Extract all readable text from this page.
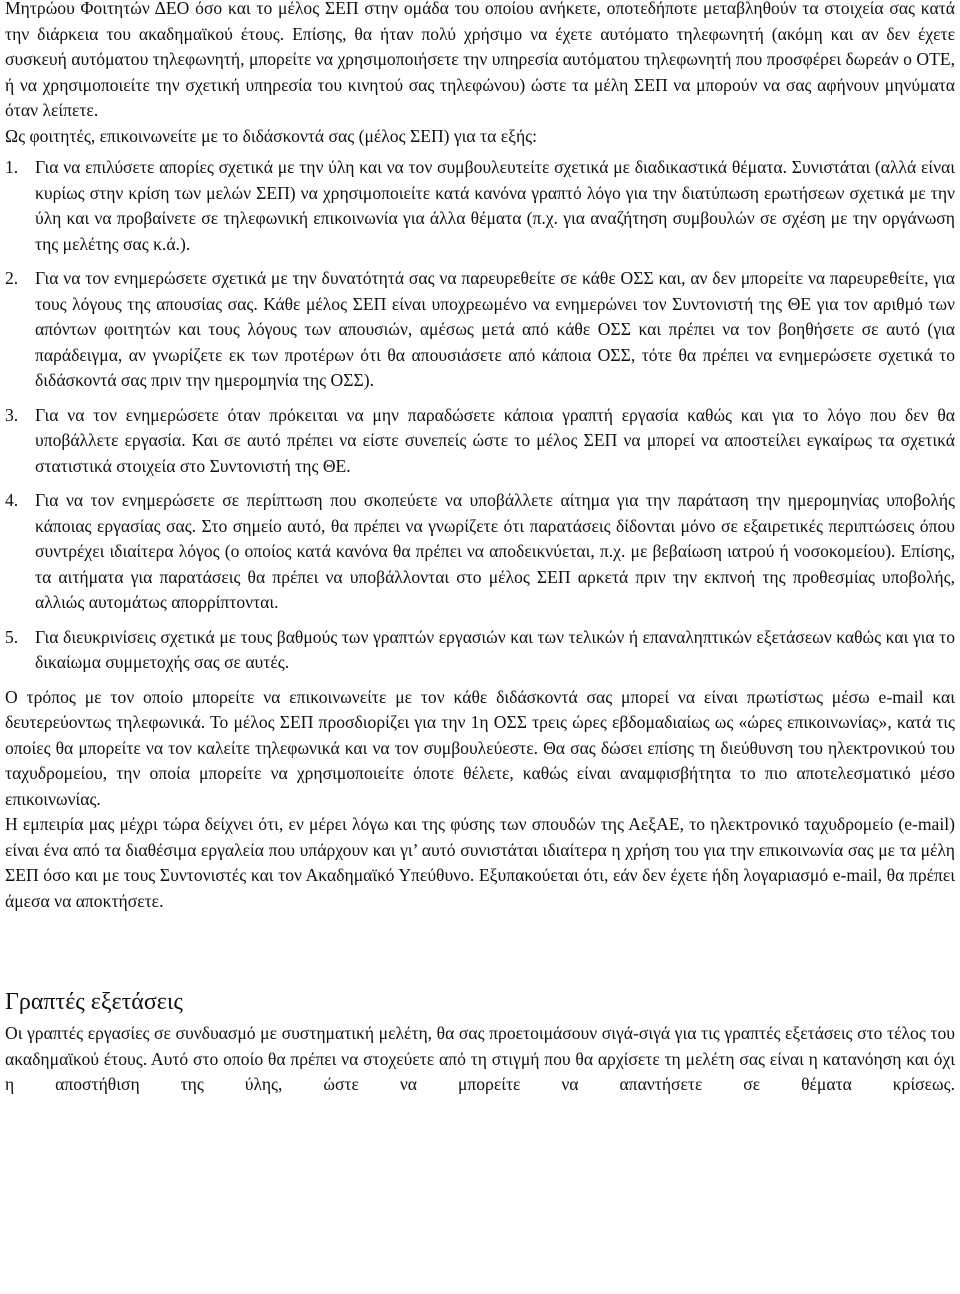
Μητρώου Φοιτητών ΔΕΟ όσο και το μέλος ΣΕΠ στην ομάδα του οποίου ανήκετε, οποτεδήποτε μεταβληθούν τα στοιχεία σας κατά την διάρκεια του ακαδημαϊκού έτους. Επίσης, θα ήταν πολύ χρήσιμο να έχετε αυτόματο τηλεφωνητή (ακόμη και αν δεν έχετε συσκευή αυτόματου τηλεφωνητή, μπορείτε να χρησιμοποιήσετε την υπηρεσία αυτόματου τηλεφωνητή που προσφέρει δωρεάν ο ΟΤΕ, ή να χρησιμοποιείτε την σχετική υπηρεσία του κινητού σας τηλεφώνου) ώστε τα μέλη ΣΕΠ να μπορούν να σας αφήνουν μηνύματα όταν λείπετε.

Ως φοιτητές, επικοινωνείτε με το διδάσκοντά σας (μέλος ΣΕΠ) για τα εξής:

1. Για να επιλύσετε απορίες σχετικά με την ύλη και να τον συμβουλευτείτε σχετικά με διαδικαστικά θέματα. Συνιστάται (αλλά είναι κυρίως στην κρίση των μελών ΣΕΠ) να χρησιμοποιείτε κατά κανόνα γραπτό λόγο για την διατύπωση ερωτήσεων σχετικά με την ύλη και να προβαίνετε σε τηλεφωνική επικοινωνία για άλλα θέματα (π.χ. για αναζήτηση συμβουλών σε σχέση με την οργάνωση της μελέτης σας κ.ά.).
2. Για να τον ενημερώσετε σχετικά με την δυνατότητά σας να παρευρεθείτε σε κάθε ΟΣΣ και, αν δεν μπορείτε να παρευρεθείτε, για τους λόγους της απουσίας σας. Κάθε μέλος ΣΕΠ είναι υποχρεωμένο να ενημερώνει τον Συντονιστή της ΘΕ για τον αριθμό των απόντων φοιτητών και τους λόγους των απουσιών, αμέσως μετά από κάθε ΟΣΣ και πρέπει να τον βοηθήσετε σε αυτό (για παράδειγμα, αν γνωρίζετε εκ των προτέρων ότι θα απουσιάσετε από κάποια ΟΣΣ, τότε θα πρέπει να ενημερώσετε σχετικά το διδάσκοντά σας πριν την ημερομηνία της ΟΣΣ).
3. Για να τον ενημερώσετε όταν πρόκειται να μην παραδώσετε κάποια γραπτή εργασία καθώς και για το λόγο που δεν θα υποβάλλετε εργασία. Και σε αυτό πρέπει να είστε συνεπείς ώστε το μέλος ΣΕΠ να μπορεί να αποστείλει εγκαίρως τα σχετικά στατιστικά στοιχεία στο Συντονιστή της ΘΕ.
4. Για να τον ενημερώσετε σε περίπτωση που σκοπεύετε να υποβάλλετε αίτημα για την παράταση την ημερομηνίας υποβολής κάποιας εργασίας σας. Στο σημείο αυτό, θα πρέπει να γνωρίζετε ότι παρατάσεις δίδονται μόνο σε εξαιρετικές περιπτώσεις όπου συντρέχει ιδιαίτερα λόγος (ο οποίος κατά κανόνα θα πρέπει να αποδεικνύεται, π.χ. με βεβαίωση ιατρού ή νοσοκομείου). Επίσης, τα αιτήματα για παρατάσεις θα πρέπει να υποβάλλονται στο μέλος ΣΕΠ αρκετά πριν την εκπνοή της προθεσμίας υποβολής, αλλιώς αυτομάτως απορρίπτονται.
5. Για διευκρινίσεις σχετικά με τους βαθμούς των γραπτών εργασιών και των τελικών ή επαναληπτικών εξετάσεων καθώς και για το δικαίωμα συμμετοχής σας σε αυτές.

Ο τρόπος με τον οποίο μπορείτε να επικοινωνείτε με τον κάθε διδάσκοντά σας μπορεί να είναι πρωτίστως μέσω e-mail και δευτερεύοντως τηλεφωνικά. Το μέλος ΣΕΠ προσδιορίζει για την 1η ΟΣΣ τρεις ώρες εβδομαδιαίως ως «ώρες επικοινωνίας», κατά τις οποίες θα μπορείτε να τον καλείτε τηλεφωνικά και να τον συμβουλεύεστε. Θα σας δώσει επίσης τη διεύθυνση του ηλεκτρονικού του ταχυδρομείου, την οποία μπορείτε να χρησιμοποιείτε όποτε θέλετε, καθώς είναι αναμφισβήτητα το πιο αποτελεσματικό μέσο επικοινωνίας.

Η εμπειρία μας μέχρι τώρα δείχνει ότι, εν μέρει λόγω και της φύσης των σπουδών της ΑεξΑΕ, το ηλεκτρονικό ταχυδρομείο (e-mail) είναι ένα από τα διαθέσιμα εργαλεία που υπάρχουν και γι’ αυτό συνιστάται ιδιαίτερα η χρήση του για την επικοινωνία σας με τα μέλη ΣΕΠ όσο και με τους Συντονιστές και τον Ακαδημαϊκό Υπεύθυνο. Εξυπακούεται ότι, εάν δεν έχετε ήδη λογαριασμό e-mail, θα πρέπει άμεσα να αποκτήσετε.

Γραπτές εξετάσεις

Οι γραπτές εργασίες σε συνδυασμό με συστηματική μελέτη, θα σας προετοιμάσουν σιγά-σιγά για τις γραπτές εξετάσεις στο τέλος του ακαδημαϊκού έτους. Αυτό στο οποίο θα πρέπει να στοχεύετε από τη στιγμή που θα αρχίσετε τη μελέτη σας είναι η κατανόηση και όχι η αποστήθιση της ύλης, ώστε να μπορείτε να απαντήσετε σε θέματα κρίσεως.
